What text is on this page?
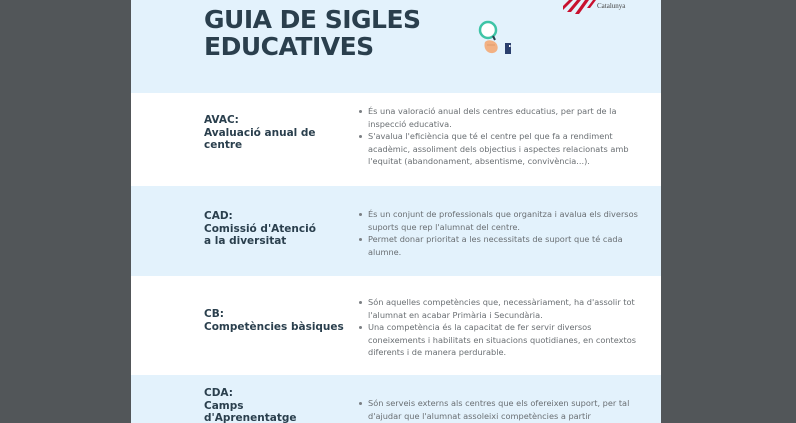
GUIA DE SIGLES
EDUCATIVES
Catalunya
AVAC:
Avaluació anual de
centre
És una valoració anual dels centres educatius, per part de la inspecció educativa.
S'avalua l'eficiència que té el centre pel que fa a rendiment acadèmic, assoliment dels objectius i aspectes relacionats amb l'equitat (abandonament, absentisme, convivència...).
CAD:
Comissió d'Atenció
a la diversitat
És un conjunt de professionals que organitza i avalua els diversos suports que rep l'alumnat del centre.
Permet donar prioritat a les necessitats de suport que té cada alumne.
CB:
Competències bàsiques
Són aquelles competències que, necessàriament, ha d'assolir tot l'alumnat en acabar Primària i Secundària.
Una competència és la capacitat de fer servir diversos coneixements i habilitats en situacions quotidianes, en contextos diferents i de manera perdurable.
CDA:
Camps
d'Aprenentatge
Són serveis externs als centres que els ofereixen suport, per tal d'ajudar que l'alumnat assoleixi competències a partir
